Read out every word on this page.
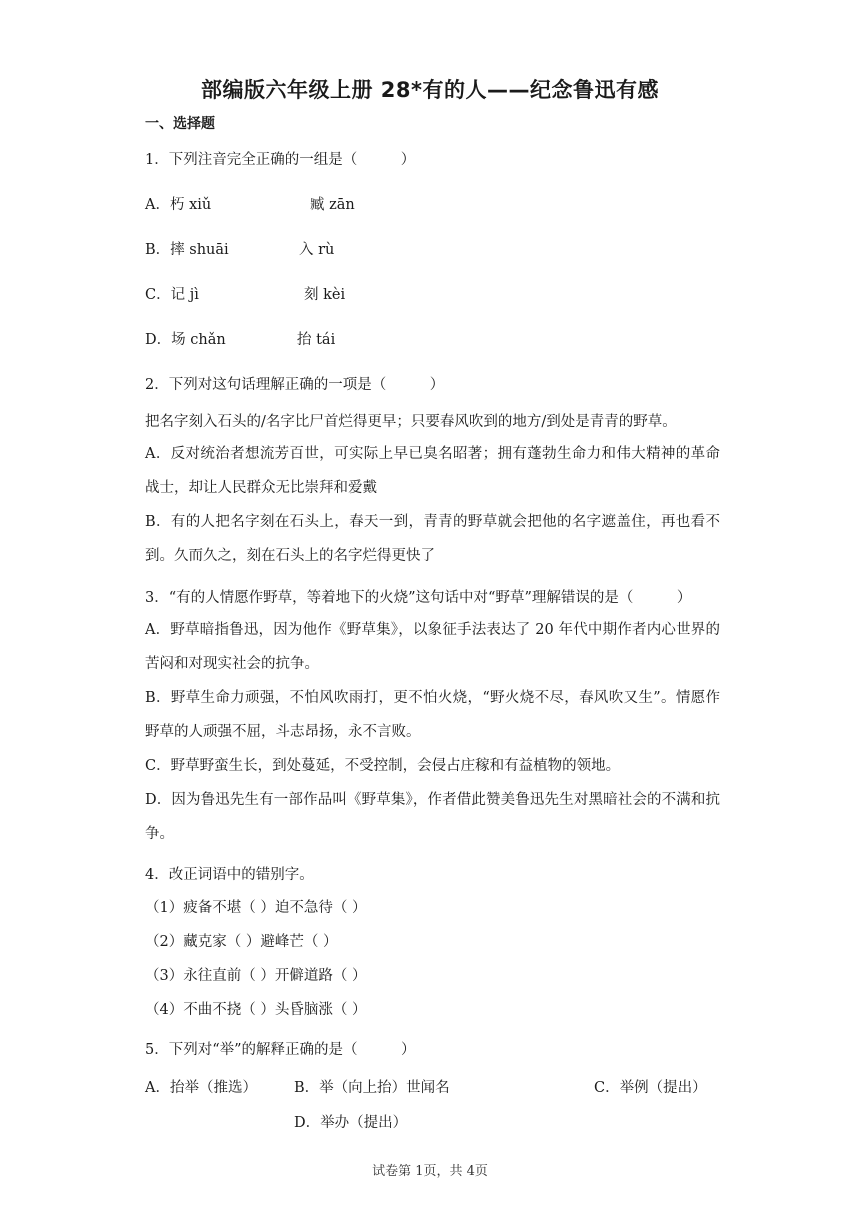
部编版六年级上册 28*有的人——纪念鲁迅有感
一、选择题
1．下列注音完全正确的一组是（　　　）
A．朽 xiǔ	臧 zān
B．摔 shuāi	入 rù
C．记 jì	刻 kèi
D．场 chǎn	抬 tái
2．下列对这句话理解正确的一项是（　　　）
把名字刻入石头的/名字比尸首烂得更早；只要春风吹到的地方/到处是青青的野草。
A．反对统治者想流芳百世，可实际上早已臭名昭著；拥有蓬勃生命力和伟大精神的革命战士，却让人民群众无比崇拜和爱戴
B．有的人把名字刻在石头上，春天一到，青青的野草就会把他的名字遮盖住，再也看不到。久而久之，刻在石头上的名字烂得更快了
3．“有的人情愿作野草，等着地下的火烧”这句话中对“野草”理解错误的是（　　　）
A．野草暗指鲁迅，因为他作《野草集》，以象征手法表达了 20 年代中期作者内心世界的苦闷和对现实社会的抗争。
B．野草生命力顽强，不怕风吹雨打，更不怕火烧，“野火烧不尽，春风吹又生”。情愿作野草的人顽强不屈，斗志昂扬，永不言败。
C．野草野蛮生长，到处蔓延，不受控制，会侵占庄稼和有益植物的领地。
D．因为鲁迅先生有一部作品叫《野草集》，作者借此赞美鲁迅先生对黑暗社会的不满和抗争。
4．改正词语中的错别字。
（1）疲备不堪（ ）迫不急待（ ）
（2）藏克家（ ）避峰芒（ ）
（3）永往直前（ ）开僻道路（ ）
（4）不曲不挠（ ）头昏脑涨（ ）
5．下列对“举”的解释正确的是（　　　）
A．抬举（推选）	B．举（向上抬）世闻名	C．举例（提出）
D．举办（提出）
试卷第 1页，共 4页
